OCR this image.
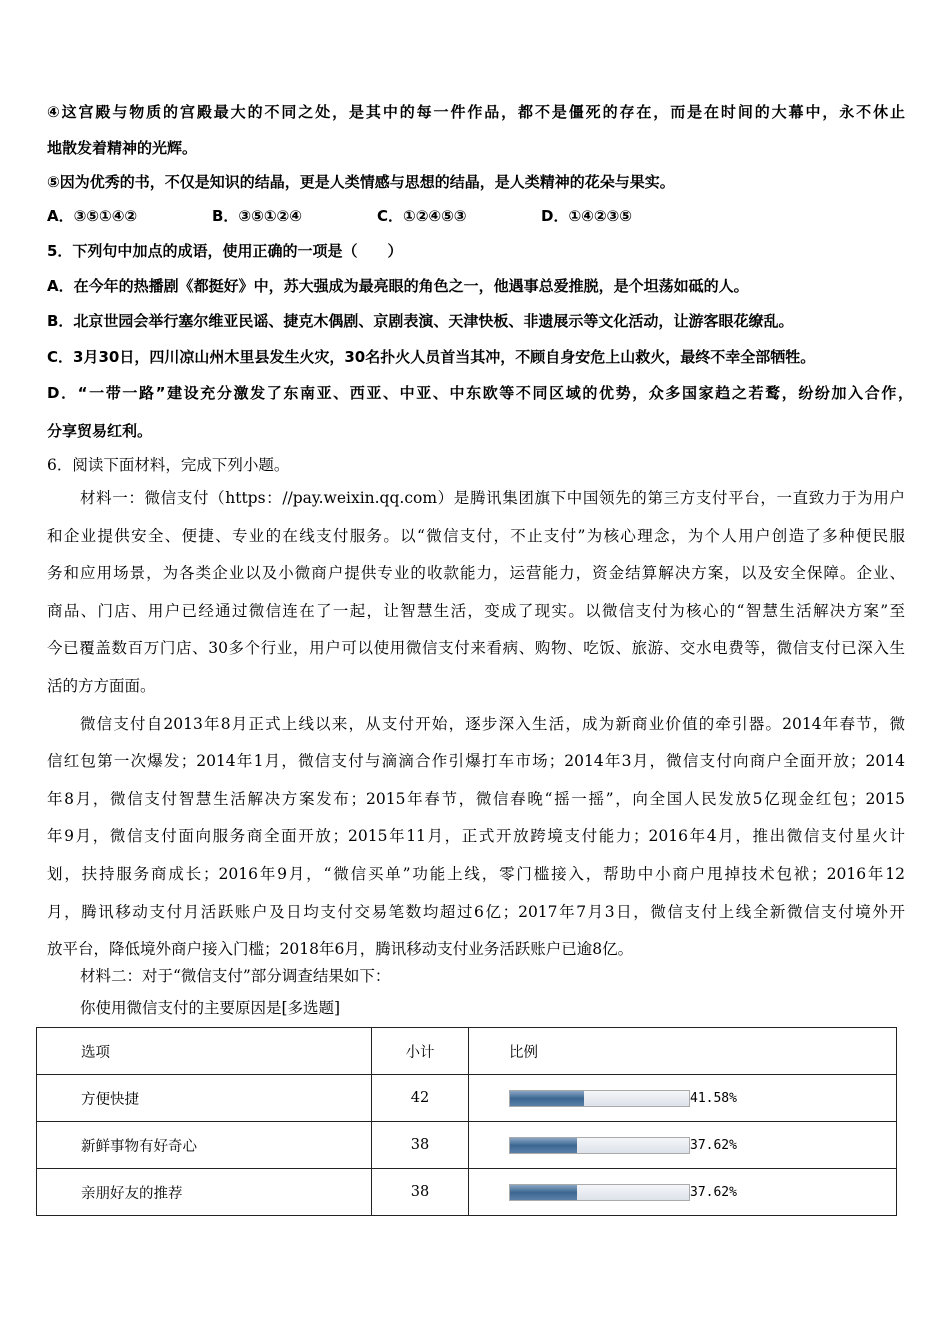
④这宫殿与物质的宫殿最大的不同之处，是其中的每一件作品，都不是僵死的存在，而是在时间的大幕中，永不休止
地散发着精神的光辉。
⑤因为优秀的书，不仅是知识的结晶，更是人类情感与思想的结晶，是人类精神的花朵与果实。
A．③⑤①④②	B．③⑤①②④	C．①②④⑤③	D．①④②③⑤
5．下列句中加点的成语，使用正确的一项是（　　）
A．在今年的热播剧《都挺好》中，苏大强成为最亮眼的角色之一，他遇事总爱推脱，是个坦荡如砥的人。
B．北京世园会举行塞尔维亚民谣、捷克木偶剧、京剧表演、天津快板、非遗展示等文化活动，让游客眼花缭乱。
C．3月30日，四川凉山州木里县发生火灾，30名扑火人员首当其冲，不顾自身安危上山救火，最终不幸全部牺牲。
D．“一带一路”建设充分激发了东南亚、西亚、中亚、中东欧等不同区域的优势，众多国家趋之若鹜，纷纷加入合作，
分享贸易红利。
6．阅读下面材料，完成下列小题。
材料一：微信支付（https：//pay.weixin.qq.com）是腾讯集团旗下中国领先的第三方支付平台，一直致力于为用户
和企业提供安全、便捷、专业的在线支付服务。以“微信支付，不止支付”为核心理念，为个人用户创造了多种便民服
务和应用场景，为各类企业以及小微商户提供专业的收款能力，运营能力，资金结算解决方案，以及安全保障。企业、
商品、门店、用户已经通过微信连在了一起，让智慧生活，变成了现实。以微信支付为核心的“智慧生活解决方案”至
今已覆盖数百万门店、30多个行业，用户可以使用微信支付来看病、购物、吃饭、旅游、交水电费等，微信支付已深入生
活的方方面面。
微信支付自2013年8月正式上线以来，从支付开始，逐步深入生活，成为新商业价值的牵引器。2014年春节，微
信红包第一次爆发；2014年1月，微信支付与滴滴合作引爆打车市场；2014年3月，微信支付向商户全面开放；2014
年8月，微信支付智慧生活解决方案发布；2015年春节，微信春晚“摇一摇”，向全国人民发放5亿现金红包；2015
年9月，微信支付面向服务商全面开放；2015年11月，正式开放跨境支付能力；2016年4月，推出微信支付星火计
划，扶持服务商成长；2016年9月，“微信买单”功能上线，零门槛接入，帮助中小商户甩掉技术包袱；2016年12
月，腾讯移动支付月活跃账户及日均支付交易笔数均超过6亿；2017年7月3日，微信支付上线全新微信支付境外开
放平台，降低境外商户接入门槛；2018年6月，腾讯移动支付业务活跃账户已逾8亿。
材料二：对于“微信支付”部分调查结果如下：
你使用微信支付的主要原因是[多选题]
选项	小计	比例
方便快捷	42	41.58%
新鲜事物有好奇心	38	37.62%
亲朋好友的推荐	38	37.62%
